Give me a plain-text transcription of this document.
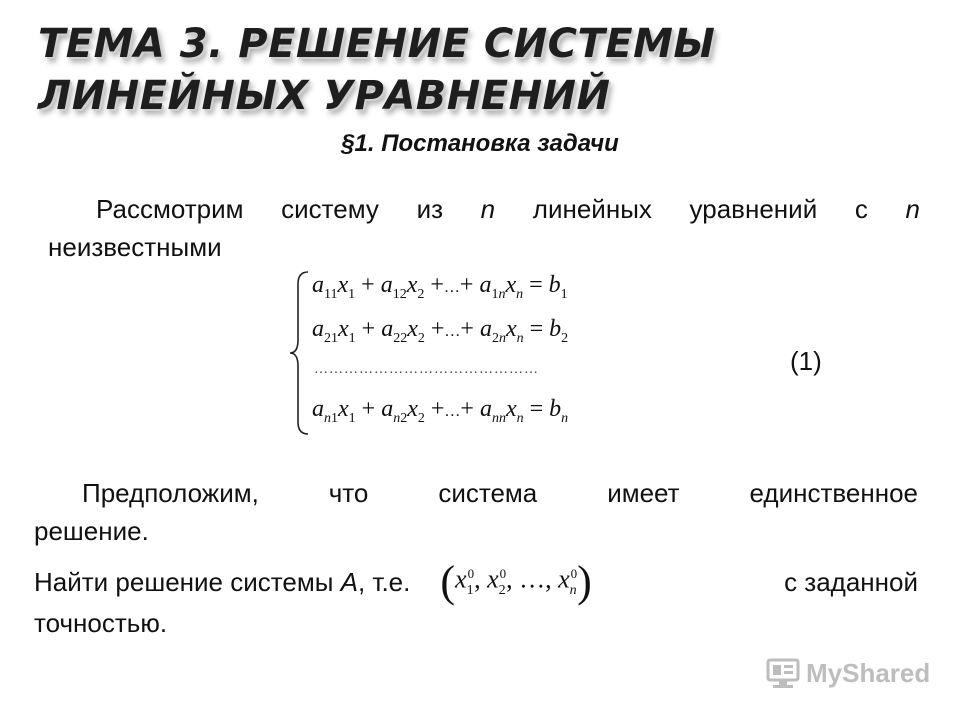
ТЕМА 3. РЕШЕНИЕ СИСТЕМЫ
ЛИНЕЙНЫХ УРАВНЕНИЙ
§1. Постановка задачи
Рассмотрим систему из n линейных уравнений с n
неизвестными
$a_{11}x_1 + a_{12}x_2$ +…+ $a_{1n}x_n = b_1$
$a_{21}x_1 + a_{22}x_2$ +…+ $a_{2n}x_n = b_2$
………………………………………
$a_{n1}x_1 + a_{n2}x_2$ +…+ $a_{nn}x_n = b_n$
(1)
Предположим,	что	система	имеет	единственное
решение.
Найти решение системы
A , т.е. ( $x_1^0$, $x_2^0$, …, $x_n^0$ )	с заданной
точностью.
MyShared
